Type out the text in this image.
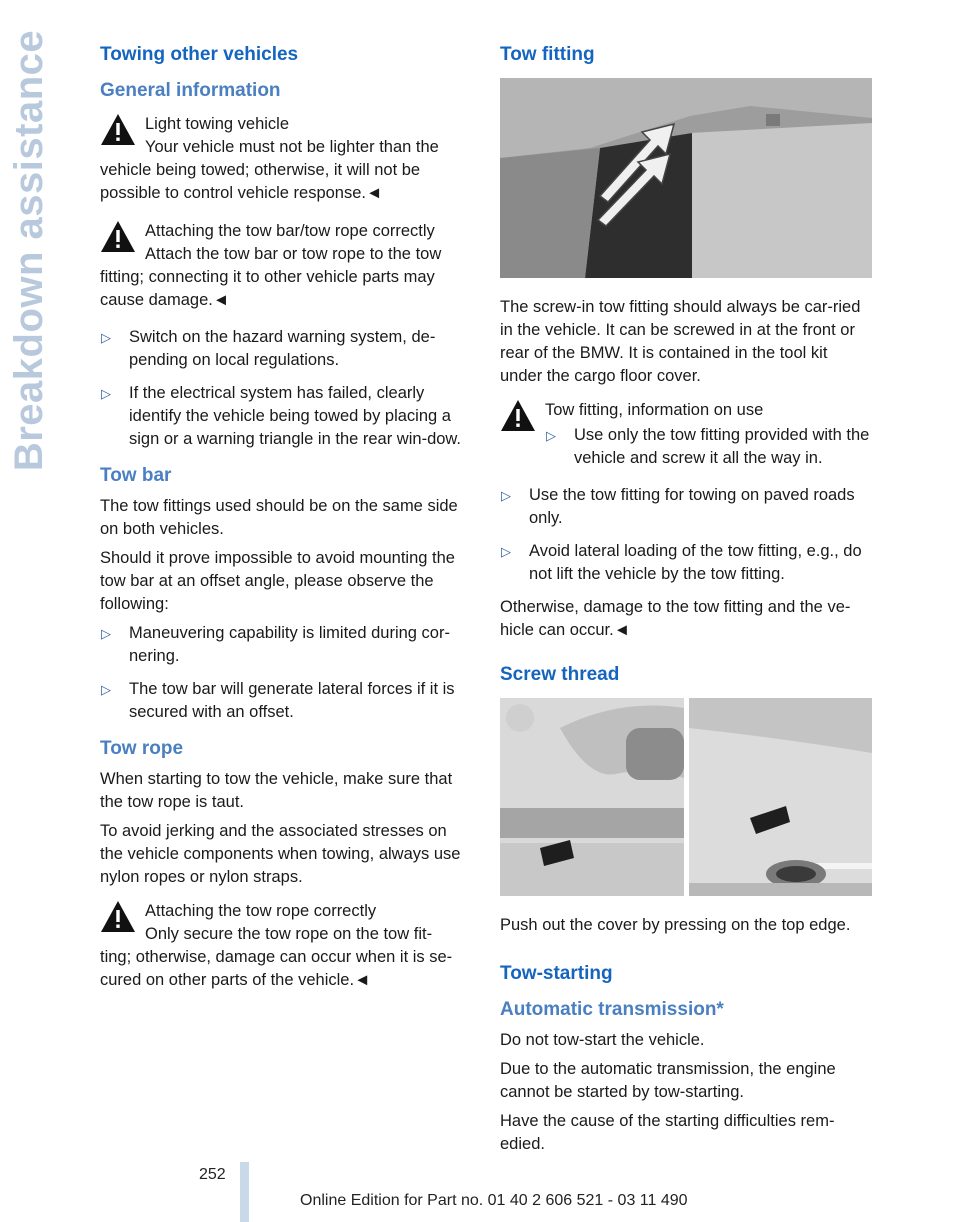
Breakdown assistance	Towing other vehicles
General information
Light towing vehicle
Your vehicle must not be lighter than the
vehicle being towed; otherwise, it will not be possible to control vehicle response.◄
Attaching the tow bar/tow rope correctly
Attach the tow bar or tow rope to the tow
fitting; connecting it to other vehicle parts may cause damage.◄
▷ Switch on the hazard warning system, de-pending on local regulations.
▷ If the electrical system has failed, clearly identify the vehicle being towed by placing a sign or a warning triangle in the rear win-dow.
Tow bar

The tow fittings used should be on the same side on both vehicles.

Should it prove impossible to avoid mounting the tow bar at an offset angle, please observe the following:

▷ Maneuvering capability is limited during cor-nering.
▷ The tow bar will generate lateral forces if it is secured with an offset.
Tow rope

When starting to tow the vehicle, make sure that the tow rope is taut.

To avoid jerking and the associated stresses on the vehicle components when towing, always use nylon ropes or nylon straps.

Attaching the tow rope correctly
Only secure the tow rope on the tow fit-
ting; otherwise, damage can occur when it is se-cured on other parts of the vehicle.◄
Tow fitting

The screw-in tow fitting should always be car-ried in the vehicle. It can be screwed in at the front or rear of the BMW. It is contained in the tool kit under the cargo floor cover.

Tow fitting, information on use
▷ Use only the tow fitting provided with the vehicle and screw it all the way in.
▷ Use the tow fitting for towing on paved roads only.
▷ Avoid lateral loading of the tow fitting, e.g., do not lift the vehicle by the tow fitting.

Otherwise, damage to the tow fitting and the ve-hicle can occur.◄

Screw thread

Push out the cover by pressing on the top edge.

Tow-starting
Automatic transmission*

Do not tow-start the vehicle.

Due to the automatic transmission, the engine cannot be started by tow-starting.

Have the cause of the starting difficulties rem-edied.

252
Online Edition for Part no. 01 40 2 606 521 - 03 11 490
